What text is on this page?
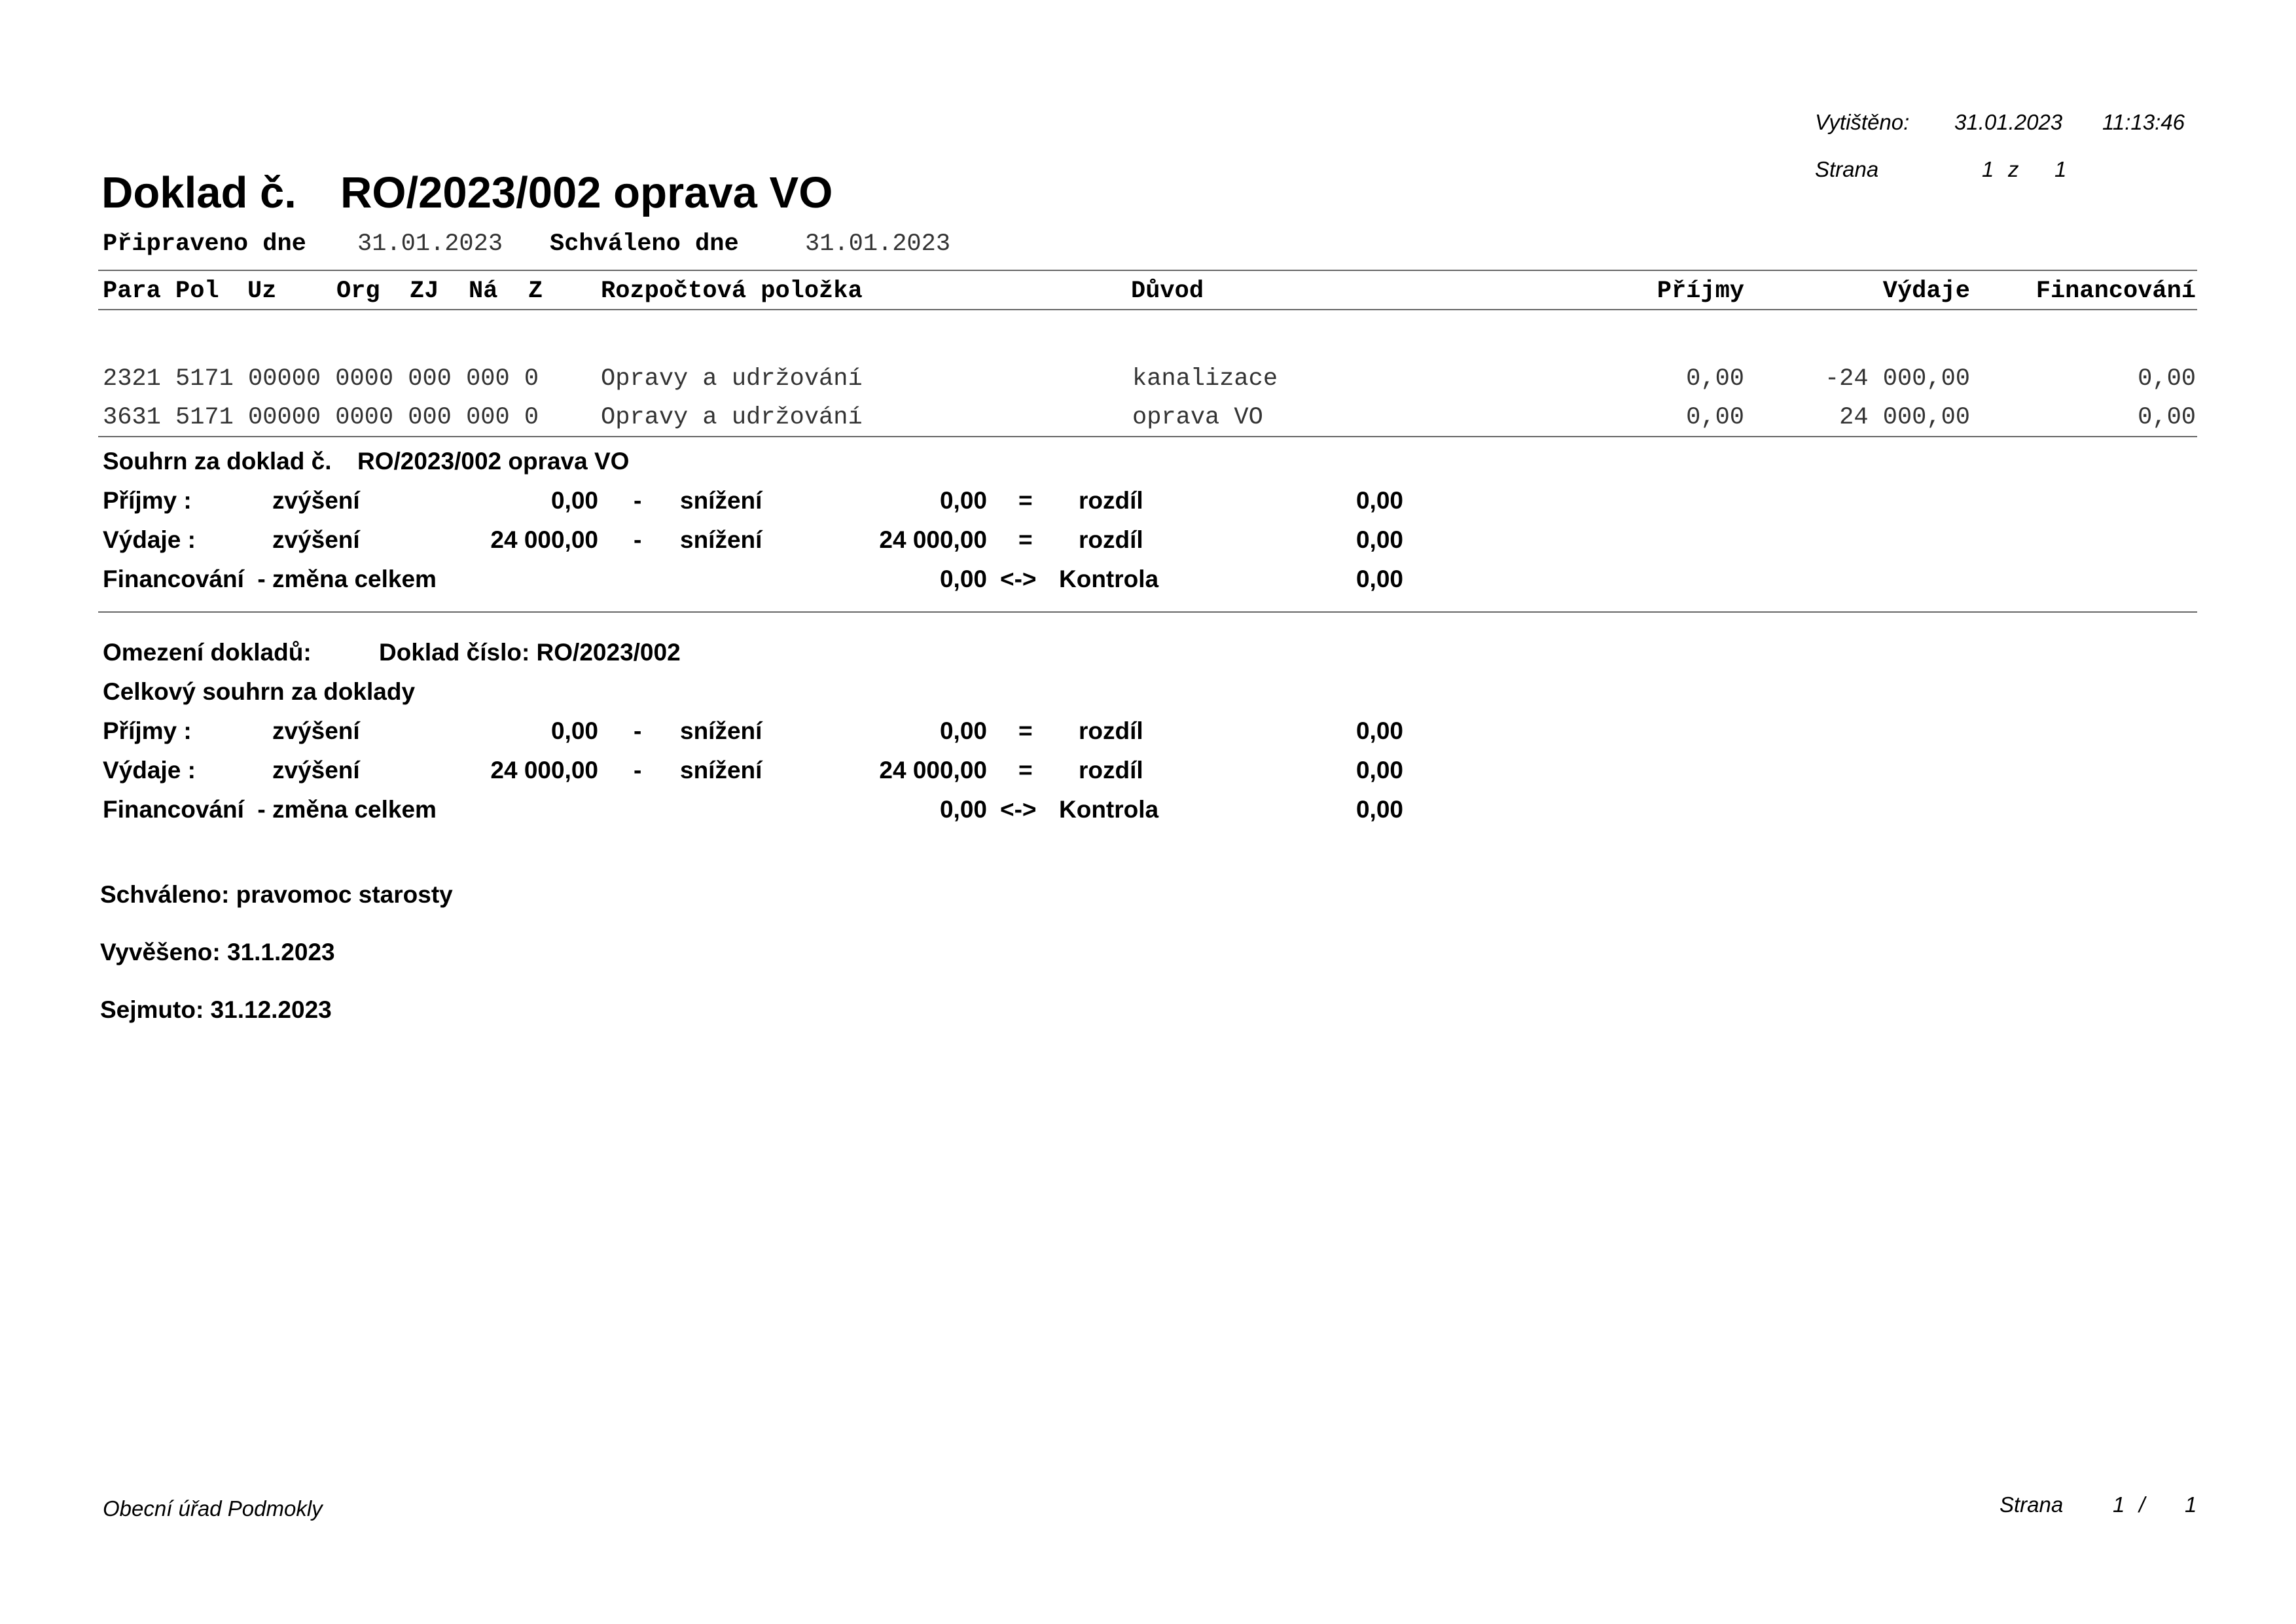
Vytištěno: 31.01.2023 11:13:46
Strana	1 z 1
Doklad č. RO/2023/002 oprava VO
Připraveno dne 31.01.2023 Schváleno dne	31.01.2023
Para Pol Uz Org ZJ Ná Z Rozpočtová položka	Důvod	Příjmy	Výdaje	Financování
2321 5171 00000 0000 000 000 0	Opravy a udržování	kanalizace	0,00	-24 000,00	0,00
3631 5171 00000 0000 000 000 0	Opravy a udržování	oprava VO	0,00	24 000,00	0,00
Souhrn za doklad č. RO/2023/002 oprava VO
Příjmy :	zvýšení	0,00 - snížení	0,00 = rozdíl	0,00
Výdaje :	zvýšení	24 000,00 - snížení	24 000,00 = rozdíl	0,00
Financování  - změna celkem	0,00 <-> Kontrola	0,00
Omezení dokladů:	Doklad číslo: RO/2023/002
Celkový souhrn za doklady
Příjmy :	zvýšení	0,00 - snížení	0,00 = rozdíl	0,00
Výdaje :	zvýšení	24 000,00 - snížení	24 000,00 = rozdíl	0,00
Financování  - změna celkem	0,00 <-> Kontrola	0,00
Schváleno: pravomoc starosty
Vyvěšeno: 31.1.2023
Sejmuto: 31.12.2023
Obecní úřad Podmokly	Strana 1 / 1
